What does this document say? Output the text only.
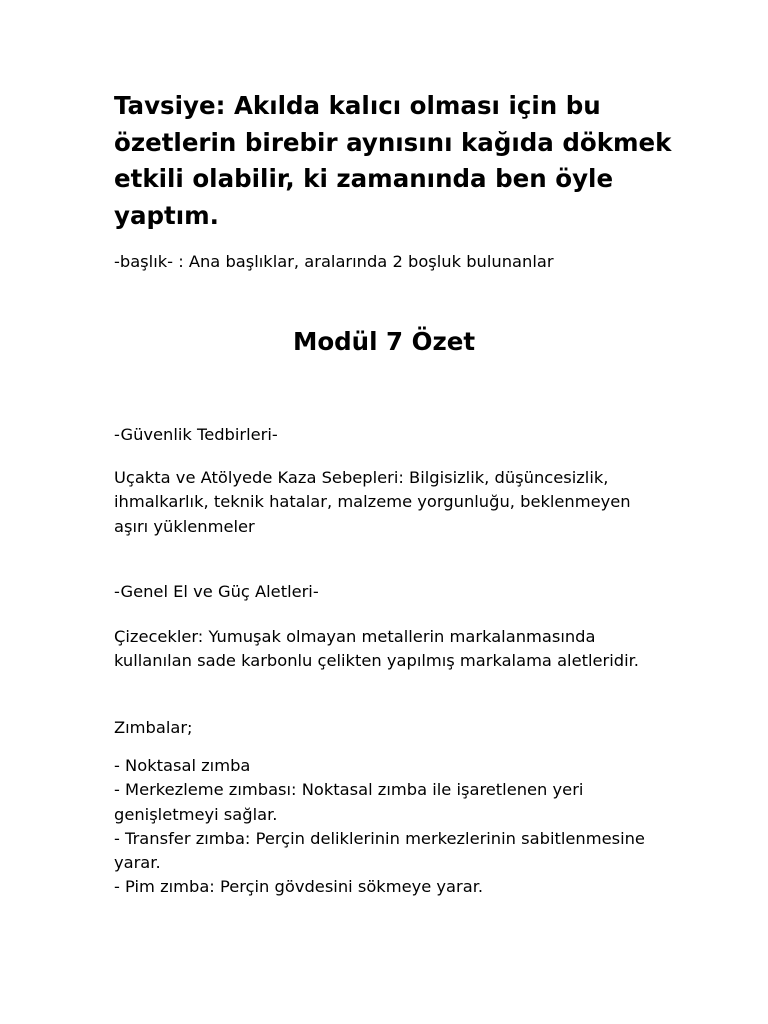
Tavsiye: Akılda kalıcı olması için bu özetlerin birebir aynısını kağıda dökmek etkili olabilir, ki zamanında ben öyle yaptım.

-başlık- : Ana başlıklar, aralarında 2 boşluk bulunanlar

Modül 7 Özet

-Güvenlik Tedbirleri-

Uçakta ve Atölyede Kaza Sebepleri: Bilgisizlik, düşüncesizlik, ihmalkarlık, teknik hatalar, malzeme yorgunluğu, beklenmeyen aşırı yüklenmeler

-Genel El ve Güç Aletleri-

Çizecekler: Yumuşak olmayan metallerin markalanmasında kullanılan sade karbonlu çelikten yapılmış markalama aletleridir.

Zımbalar;

- Noktasal zımba
- Merkezleme zımbası: Noktasal zımba ile işaretlenen yeri genişletmeyi sağlar.
- Transfer zımba: Perçin deliklerinin merkezlerinin sabitlenmesine yarar.
- Pim zımba: Perçin gövdesini sökmeye yarar.
